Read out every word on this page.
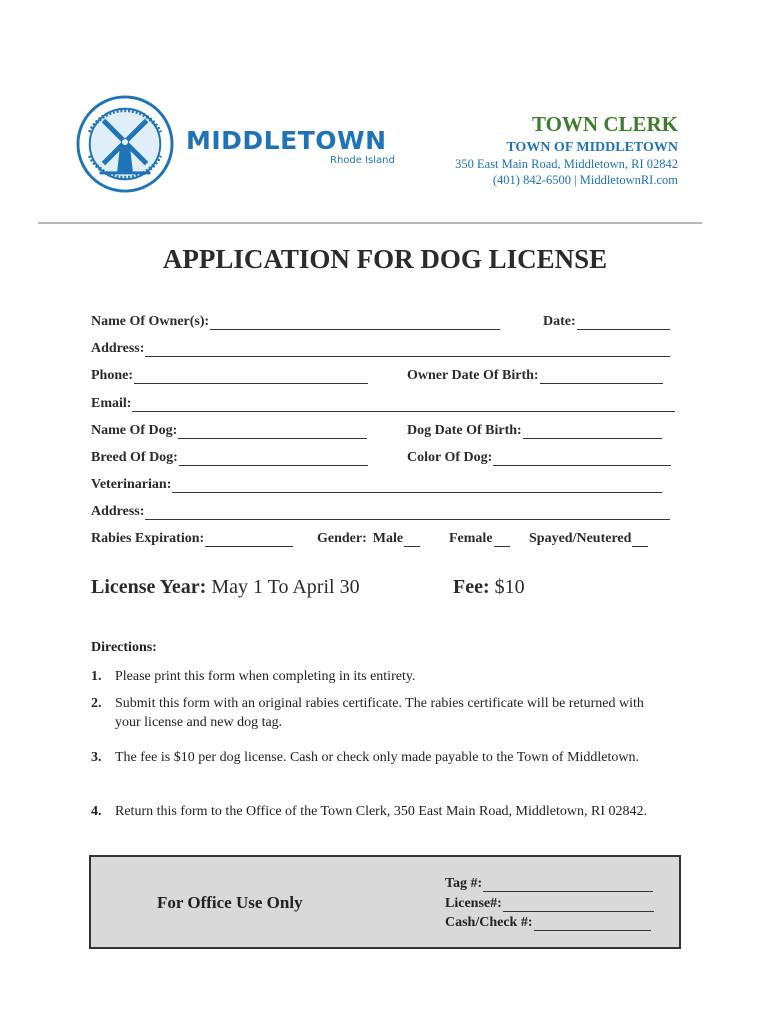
MIDDLETOWN
Rhode Island
TOWN CLERK
TOWN OF MIDDLETOWN
350 East Main Road, Middletown, RI 02842
(401) 842-6500 | MiddletownRI.com
APPLICATION FOR DOG LICENSE
Name Of Owner(s):	Date:
Address:
Phone:	Owner Date Of Birth:
Email:
Name Of Dog:	Dog Date Of Birth:
Breed Of Dog:	Color Of Dog:
Veterinarian:
Address:
Rabies Expiration:	Gender: Male	Female	Spayed/Neutered
License Year: May 1 To April 30	Fee: $10
Directions:
1. Please print this form when completing in its entirety.
2. Submit this form with an original rabies certificate. The rabies certificate will be returned with your license and new dog tag.
3. The fee is $10 per dog license. Cash or check only made payable to the Town of Middletown.
4. Return this form to the Office of the Town Clerk, 350 East Main Road, Middletown, RI 02842.
For Office Use Only
Tag #:
License#:
Cash/Check #:
